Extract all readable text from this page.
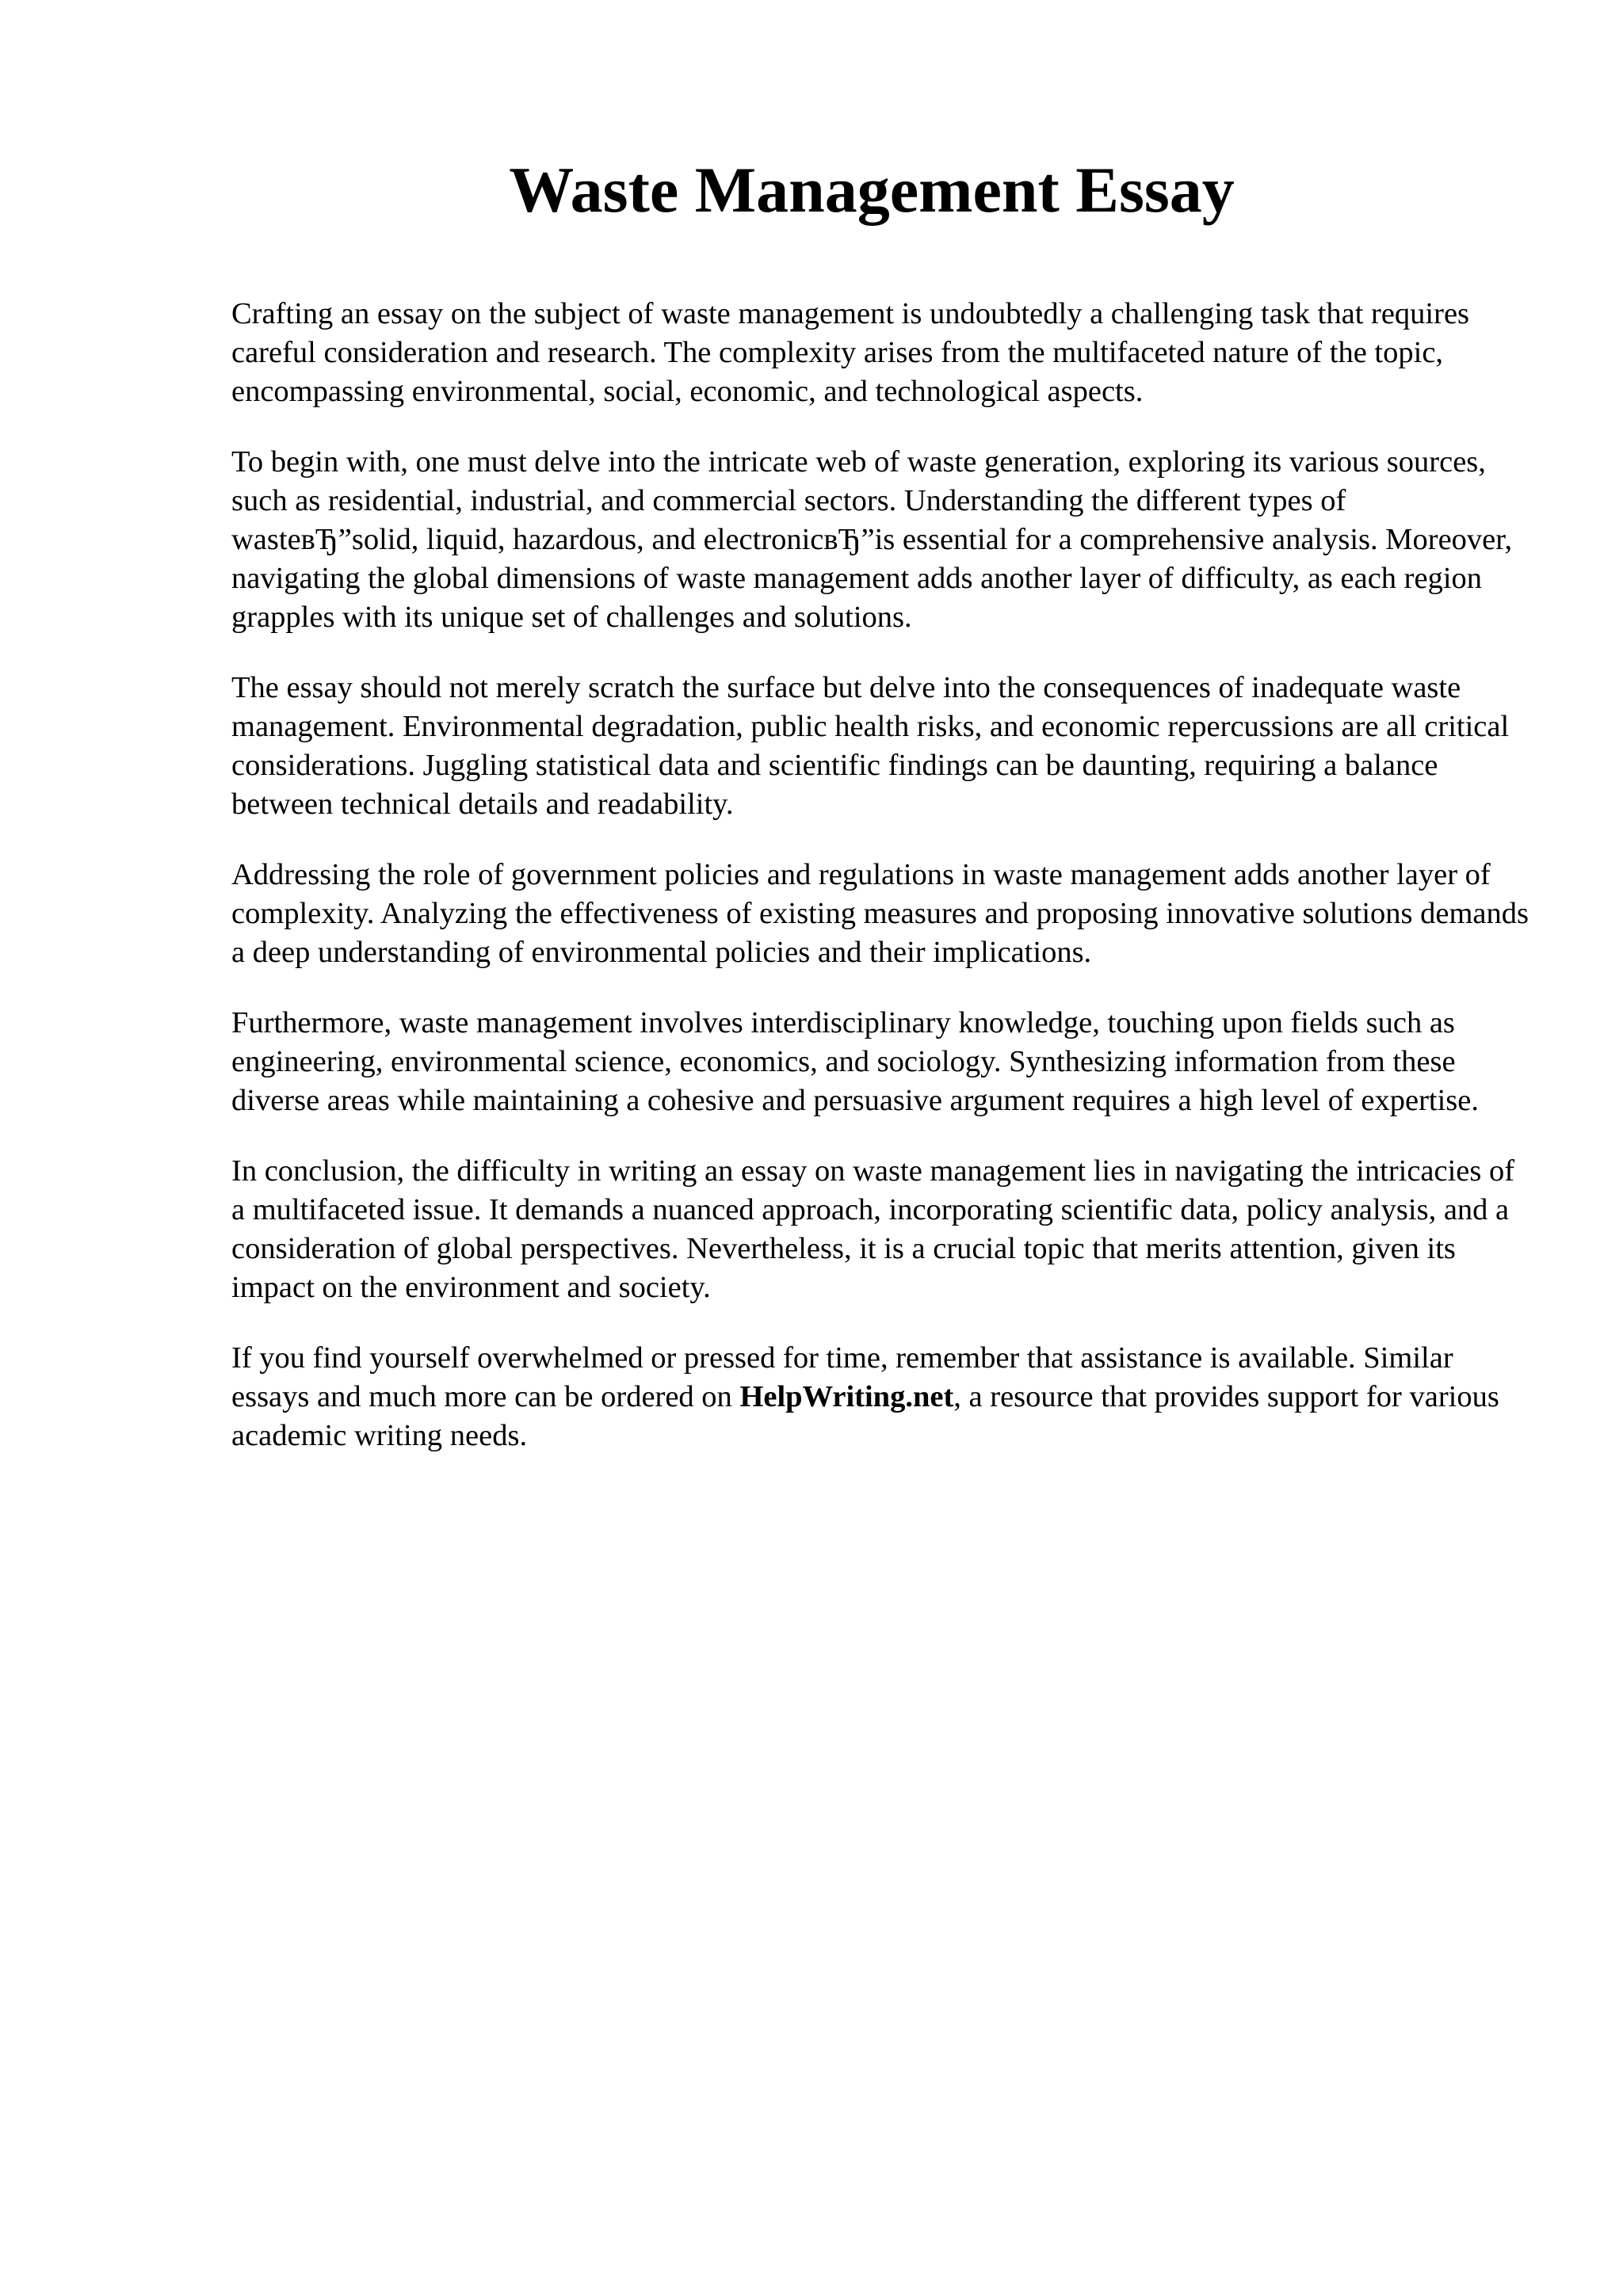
Waste Management Essay

Crafting an essay on the subject of waste management is undoubtedly a challenging task that requires careful consideration and research. The complexity arises from the multifaceted nature of the topic, encompassing environmental, social, economic, and technological aspects.

To begin with, one must delve into the intricate web of waste generation, exploring its various sources, such as residential, industrial, and commercial sectors. Understanding the different types of wasteвЂ”solid, liquid, hazardous, and electronicвЂ”is essential for a comprehensive analysis. Moreover, navigating the global dimensions of waste management adds another layer of difficulty, as each region grapples with its unique set of challenges and solutions.

The essay should not merely scratch the surface but delve into the consequences of inadequate waste management. Environmental degradation, public health risks, and economic repercussions are all critical considerations. Juggling statistical data and scientific findings can be daunting, requiring a balance between technical details and readability.

Addressing the role of government policies and regulations in waste management adds another layer of complexity. Analyzing the effectiveness of existing measures and proposing innovative solutions demands a deep understanding of environmental policies and their implications.

Furthermore, waste management involves interdisciplinary knowledge, touching upon fields such as engineering, environmental science, economics, and sociology. Synthesizing information from these diverse areas while maintaining a cohesive and persuasive argument requires a high level of expertise.

In conclusion, the difficulty in writing an essay on waste management lies in navigating the intricacies of a multifaceted issue. It demands a nuanced approach, incorporating scientific data, policy analysis, and a consideration of global perspectives. Nevertheless, it is a crucial topic that merits attention, given its impact on the environment and society.

If you find yourself overwhelmed or pressed for time, remember that assistance is available. Similar essays and much more can be ordered on HelpWriting.net, a resource that provides support for various academic writing needs.
